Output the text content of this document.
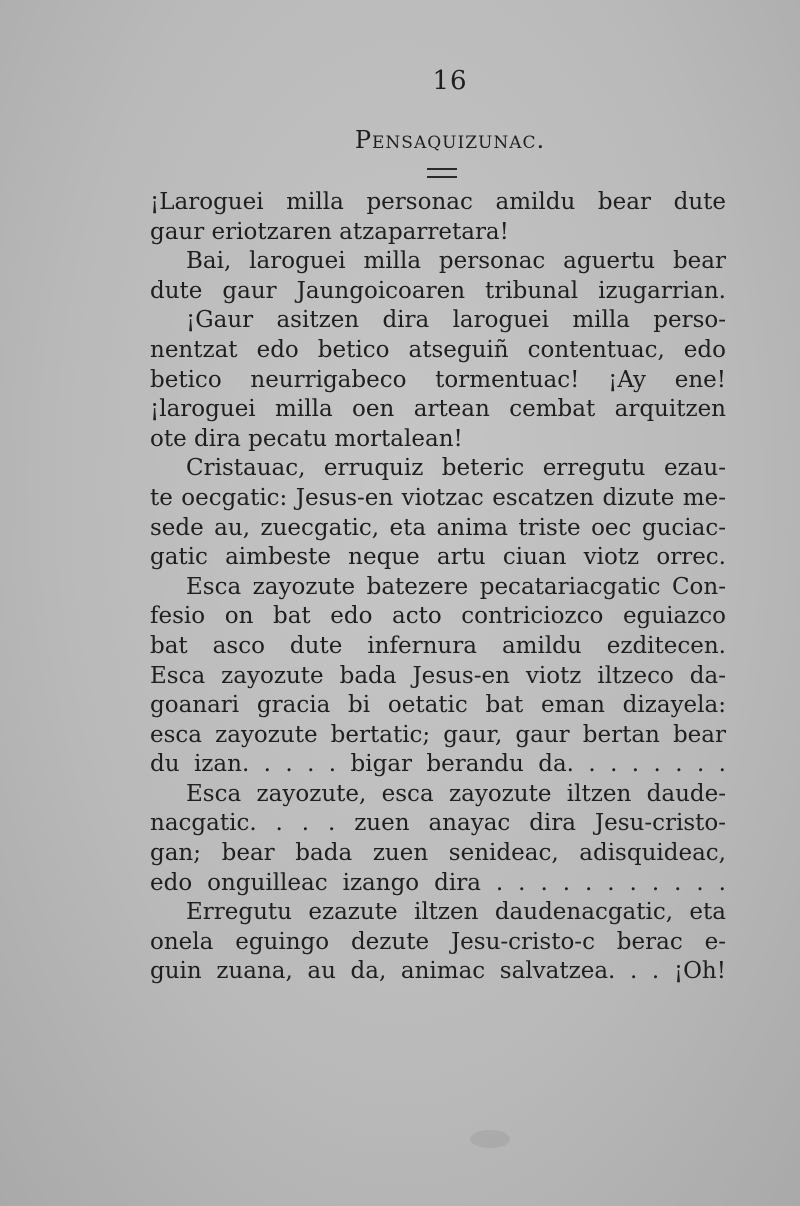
16
Pensaquizunac.
¡Laroguei milla personac amildu bear dute
gaur eriotzaren atzaparretara!
Bai, laroguei milla personac aguertu bear
dute gaur Jaungoicoaren tribunal izugarrian.
¡Gaur asitzen dira laroguei milla perso-
nentzat edo betico atseguiñ contentuac, edo
betico neurrigabeco tormentuac! ¡Ay ene!
¡laroguei milla oen artean cembat arquitzen
ote dira pecatu mortalean!
Cristauac, erruquiz beteric erregutu ezau-
te oecgatic: Jesus-en viotzac escatzen dizute me-
sede au, zuecgatic, eta anima triste oec guciac-
gatic aimbeste neque artu ciuan viotz orrec.
Esca zayozute batezere pecatariacgatic Con-
fesio on bat edo acto contriciozco eguiazco
bat asco dute infernura amildu ezditecen.
Esca zayozute bada Jesus-en viotz iltzeco da-
goanari gracia bi oetatic bat eman dizayela:
esca zayozute bertatic; gaur, gaur bertan bear
du izan. . . . . bigar berandu da. . . . . . . .
Esca zayozute, esca zayozute iltzen daude-
nacgatic. . . . zuen anayac dira Jesu-cristo-
gan; bear bada zuen senideac, adisquideac,
edo onguilleac izango dira . . . . . . . . . . .
Erregutu ezazute iltzen daudenacgatic, eta
onela eguingo dezute Jesu-cristo-c berac e-
guin zuana, au da, animac salvatzea. . . ¡Oh!
